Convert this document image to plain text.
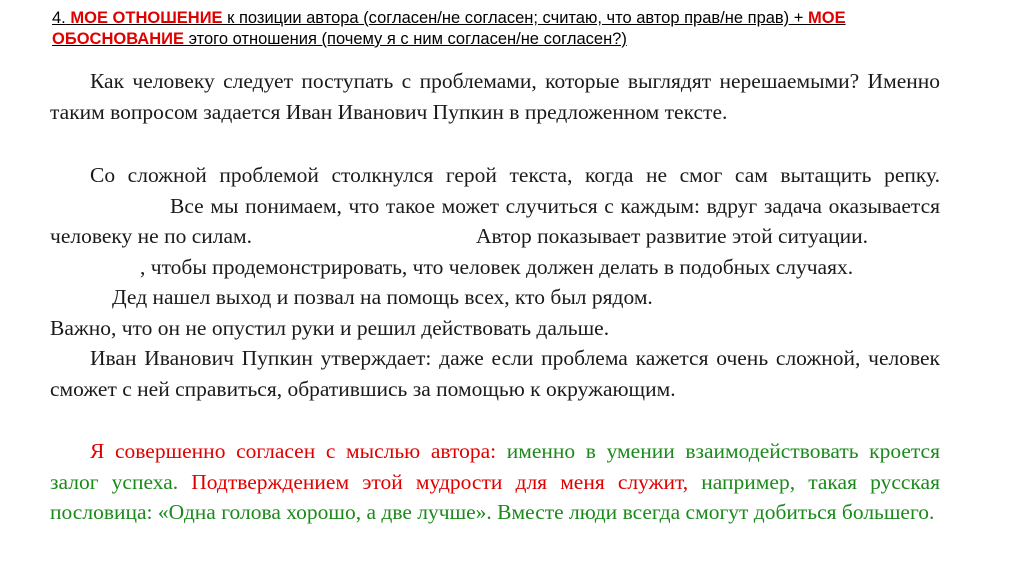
4. МОЕ ОТНОШЕНИЕ к позиции автора (согласен/не согласен; считаю, что автор прав/не прав) + МОЕ ОБОСНОВАНИЕ этого отношения (почему я с ним согласен/не согласен?)

Как человеку следует поступать с проблемами, которые выглядят нерешаемыми? Именно таким вопросом задается Иван Иванович Пупкин в предложенном тексте.

Со сложной проблемой столкнулся герой текста, когда не смог сам вытащить репку.Все мы понимаем, что такое может случиться с каждым: вдруг задача оказывается человеку не по силам.
, чтобы продемонстрировать, что человек должен делать в подобных случаях.

Автор показывает развитие этой ситуации.
Дед нашел выход и позвал на помощь всех, кто был рядом.

Важно, что он не опустил руки и решил действовать дальше.

Иван Иванович Пупкин утверждает: даже если проблема кажется очень сложной, человек сможет с ней справиться, обратившись за помощью к окружающим.

Я совершенно согласен с мыслью автора: именно в умении взаимодействовать кроется залог успеха. Подтверждением этой мудрости для меня служит, например, такая русская пословица: «Одна голова хорошо, а две лучше». Вместе люди всегда смогут добиться большего.
